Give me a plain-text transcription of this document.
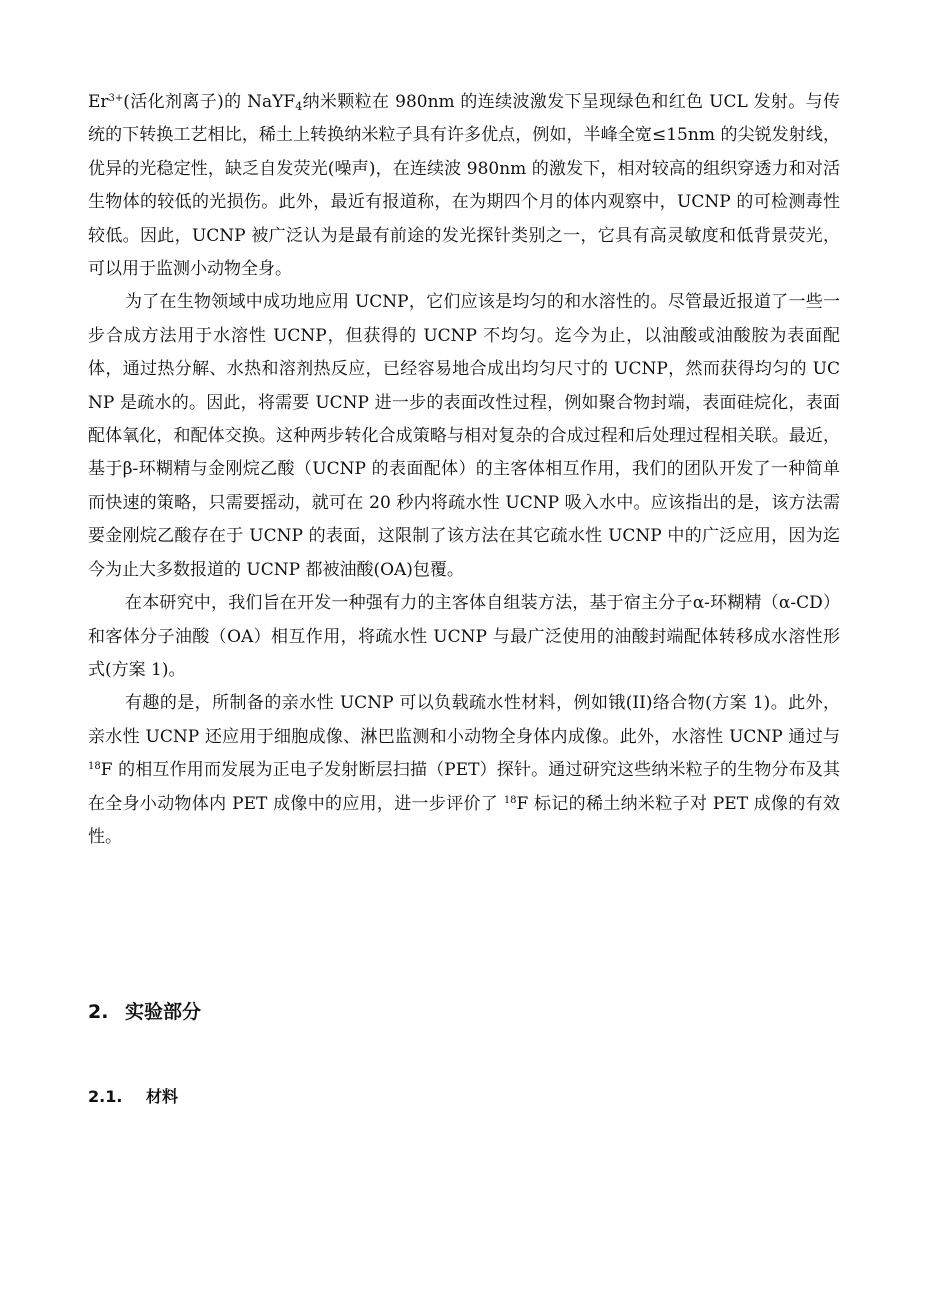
$Er^{3+}$(活化剂离子)的 NaYF$_4$纳米颗粒在 980nm 的连续波激发下呈现绿色和红色 UCL 发射。与传统的下转换工艺相比，稀土上转换纳米粒子具有许多优点，例如，半峰全宽≤15nm 的尖锐发射线，优异的光稳定性，缺乏自发荧光(噪声)，在连续波 980nm 的激发下，相对较高的组织穿透力和对活生物体的较低的光损伤。此外，最近有报道称，在为期四个月的体内观察中，UCNP 的可检测毒性较低。因此，UCNP 被广泛认为是最有前途的发光探针类别之一，它具有高灵敏度和低背景荧光，可以用于监测小动物全身。

为了在生物领域中成功地应用 UCNP，它们应该是均匀的和水溶性的。尽管最近报道了一些一步合成方法用于水溶性 UCNP，但获得的 UCNP 不均匀。迄今为止，以油酸或油酸胺为表面配体，通过热分解、水热和溶剂热反应，已经容易地合成出均匀尺寸的 UCNP，然而获得均匀的 UCNP 是疏水的。因此，将需要 UCNP 进一步的表面改性过程，例如聚合物封端，表面硅烷化，表面配体氧化，和配体交换。这种两步转化合成策略与相对复杂的合成过程和后处理过程相关联。最近，基于β-环糊精与金刚烷乙酸（UCNP 的表面配体）的主客体相互作用，我们的团队开发了一种简单而快速的策略，只需要摇动，就可在 20 秒内将疏水性 UCNP 吸入水中。应该指出的是，该方法需要金刚烷乙酸存在于 UCNP 的表面，这限制了该方法在其它疏水性 UCNP 中的广泛应用，因为迄今为止大多数报道的 UCNP 都被油酸(OA)包覆。

在本研究中，我们旨在开发一种强有力的主客体自组装方法，基于宿主分子α-环糊精（α-CD）和客体分子油酸（OA）相互作用，将疏水性 UCNP 与最广泛使用的油酸封端配体转移成水溶性形式(方案 1)。

有趣的是，所制备的亲水性 UCNP 可以负载疏水性材料，例如锇(II)络合物(方案 1)。此外，亲水性 UCNP 还应用于细胞成像、淋巴监测和小动物全身体内成像。此外，水溶性 UCNP 通过与 $^{18}$F 的相互作用而发展为正电子发射断层扫描（PET）探针。通过研究这些纳米粒子的生物分布及其在全身小动物体内 PET 成像中的应用，进一步评价了 $^{18}$F 标记的稀土纳米粒子对 PET 成像的有效性。

2. 实验部分
2.1. 材料
